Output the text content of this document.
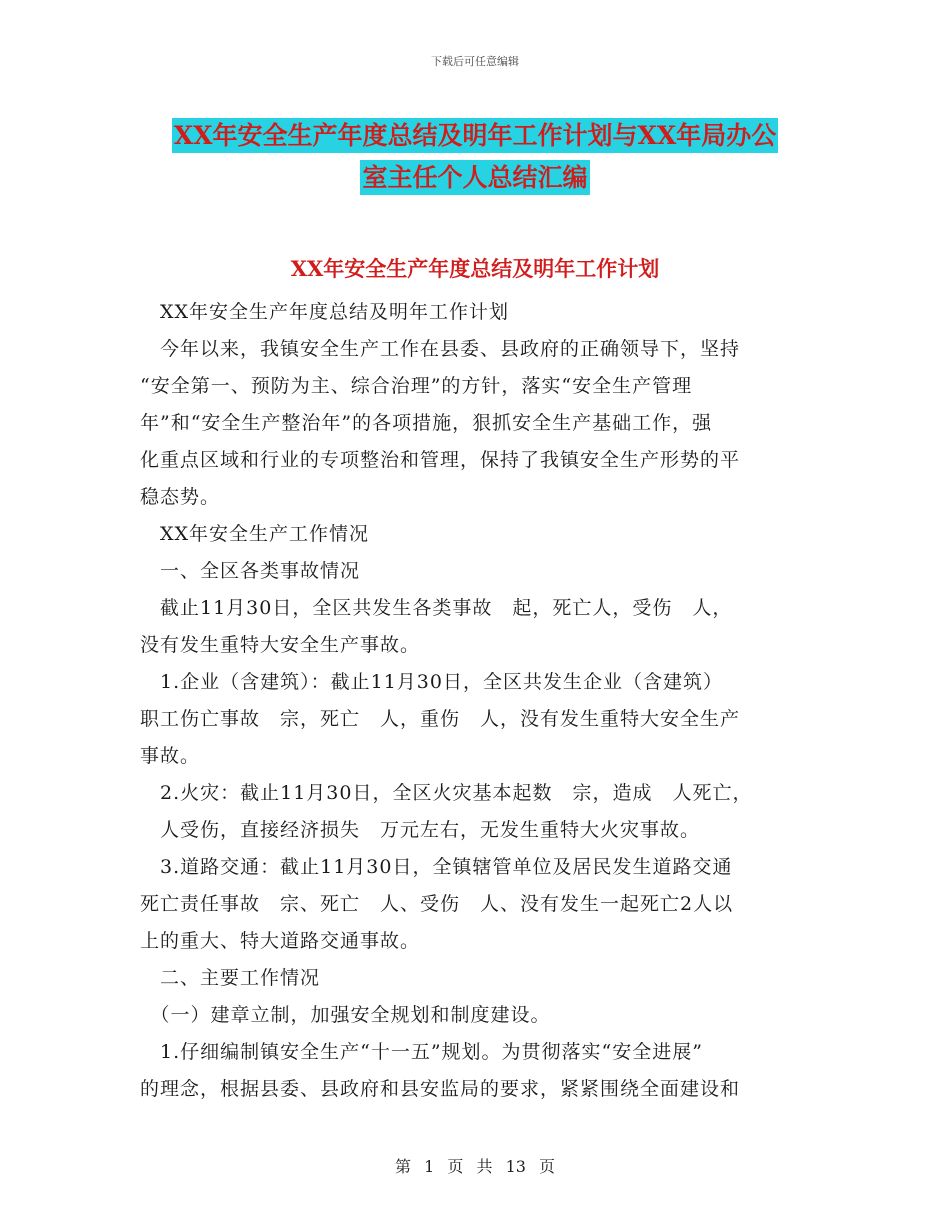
下载后可任意编辑
XX年安全生产年度总结及明年工作计划与XX年局办公
室主任个人总结汇编
XX年安全生产年度总结及明年工作计划
　XX年安全生产年度总结及明年工作计划
　今年以来，我镇安全生产工作在县委、县政府的正确领导下，坚持
“安全第一、预防为主、综合治理”的方针，落实“安全生产管理
年”和“安全生产整治年”的各项措施，狠抓安全生产基础工作，强
化重点区域和行业的专项整治和管理，保持了我镇安全生产形势的平
稳态势。
　XX年安全生产工作情况
　一、全区各类事故情况
　截止11月30日，全区共发生各类事故　起，死亡人，受伤　人，
没有发生重特大安全生产事故。
　1.企业（含建筑）：截止11月30日，全区共发生企业（含建筑）
职工伤亡事故　宗，死亡　人，重伤　人，没有发生重特大安全生产
事故。
　2.火灾：截止11月30日，全区火灾基本起数　宗，造成　人死亡，
　人受伤，直接经济损失　万元左右，无发生重特大火灾事故。
　3.道路交通：截止11月30日，全镇辖管单位及居民发生道路交通
死亡责任事故　宗、死亡　人、受伤　人、没有发生一起死亡2人以
上的重大、特大道路交通事故。
　二、主要工作情况
　（一）建章立制，加强安全规划和制度建设。
　1.仔细编制镇安全生产“十一五”规划。为贯彻落实“安全进展”
的理念，根据县委、县政府和县安监局的要求，紧紧围绕全面建设和
第 1 页 共 13 页
